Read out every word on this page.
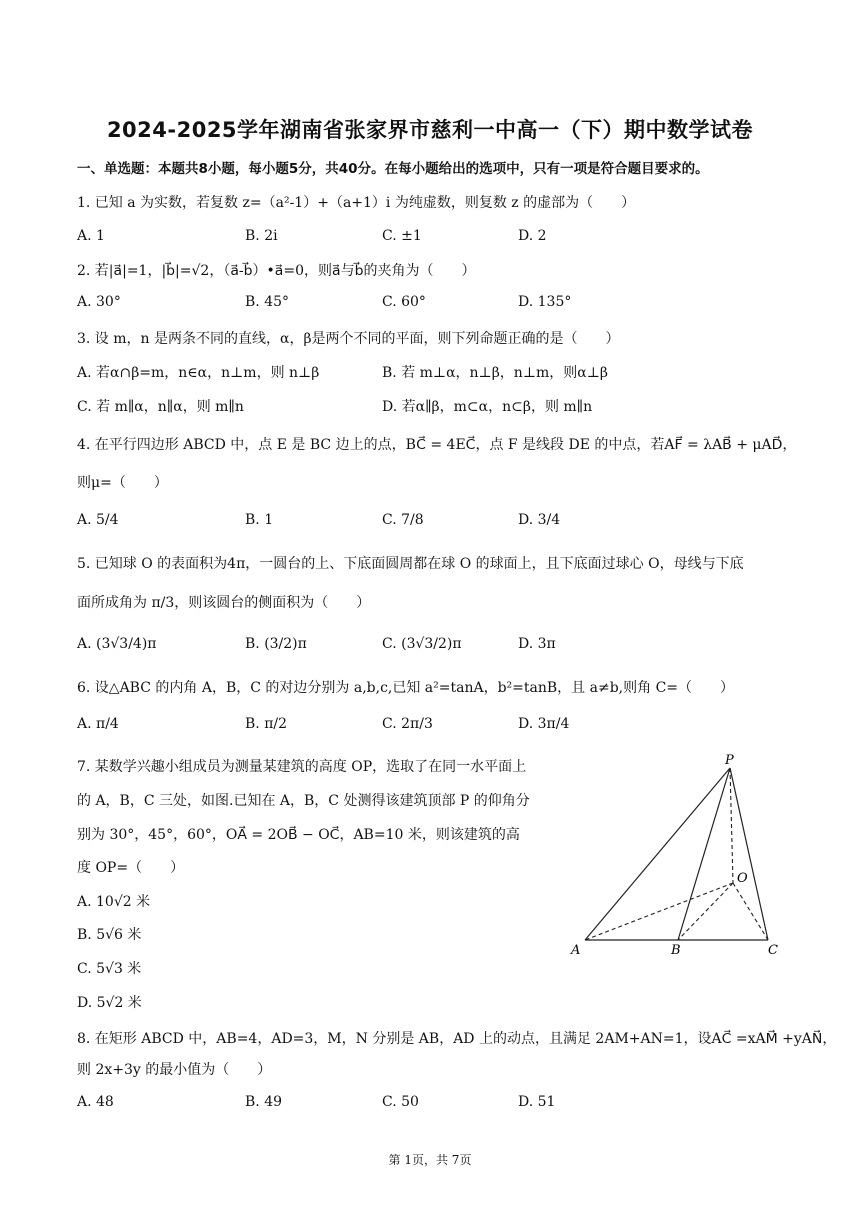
2024-2025学年湖南省张家界市慈利一中高一（下）期中数学试卷
一、单选题：本题共8小题，每小题5分，共40分。在每小题给出的选项中，只有一项是符合题目要求的。
1. 已知 a 为实数，若复数 z=（a²-1）+（a+1）i 为纯虚数，则复数 z 的虚部为（　　）
A. 1	B. 2i	C. ±1	D. 2
2. 若|a⃗|=1，|b⃗|=√2，（a⃗-b⃗）•a⃗=0，则a⃗与b⃗的夹角为（　　）
A. 30°	B. 45°	C. 60°	D. 135°
3. 设 m，n 是两条不同的直线，α，β是两个不同的平面，则下列命题正确的是（　　）
A. 若α∩β=m，n∈α，n⊥m，则 n⊥β	B. 若 m⊥α，n⊥β，n⊥m，则α⊥β
C. 若 m∥α，n∥α，则 m∥n	D. 若α∥β，m⊂α，n⊂β，则 m∥n
4. 在平行四边形 ABCD 中，点 E 是 BC 边上的点，BC⃗ = 4EC⃗，点 F 是线段 DE 的中点，若AF⃗ = λAB⃗ + μAD⃗，
则μ=（　　）
A. 5/4	B. 1	C. 7/8	D. 3/4
5. 已知球 O 的表面积为4π，一圆台的上、下底面圆周都在球 O 的球面上，且下底面过球心 O，母线与下底
面所成角为 π/3，则该圆台的侧面积为（　　）
A. (3√3/4)π	B. (3/2)π	C. (3√3/2)π	D. 3π
6. 设△ABC 的内角 A，B，C 的对边分别为 a,b,c,已知 a²=tanA，b²=tanB，且 a≠b,则角 C=（　　）
A. π/4	B. π/2	C. 2π/3	D. 3π/4
7. 某数学兴趣小组成员为测量某建筑的高度 OP，选取了在同一水平面上
的 A，B，C 三处，如图.已知在 A，B，C 处测得该建筑顶部 P 的仰角分
别为 30°，45°，60°，OA⃗ = 2OB⃗ − OC⃗，AB=10 米，则该建筑的高
度 OP=（　　）
A. 10√2 米
B. 5√6 米
C. 5√3 米
D. 5√2 米
P
O
A	B	C
8. 在矩形 ABCD 中，AB=4，AD=3，M，N 分别是 AB，AD 上的动点，且满足 2AM+AN=1，设AC⃗ =xAM⃗ +yAN⃗，
则 2x+3y 的最小值为（　　）
A. 48	B. 49	C. 50	D. 51
第 1页，共 7页
